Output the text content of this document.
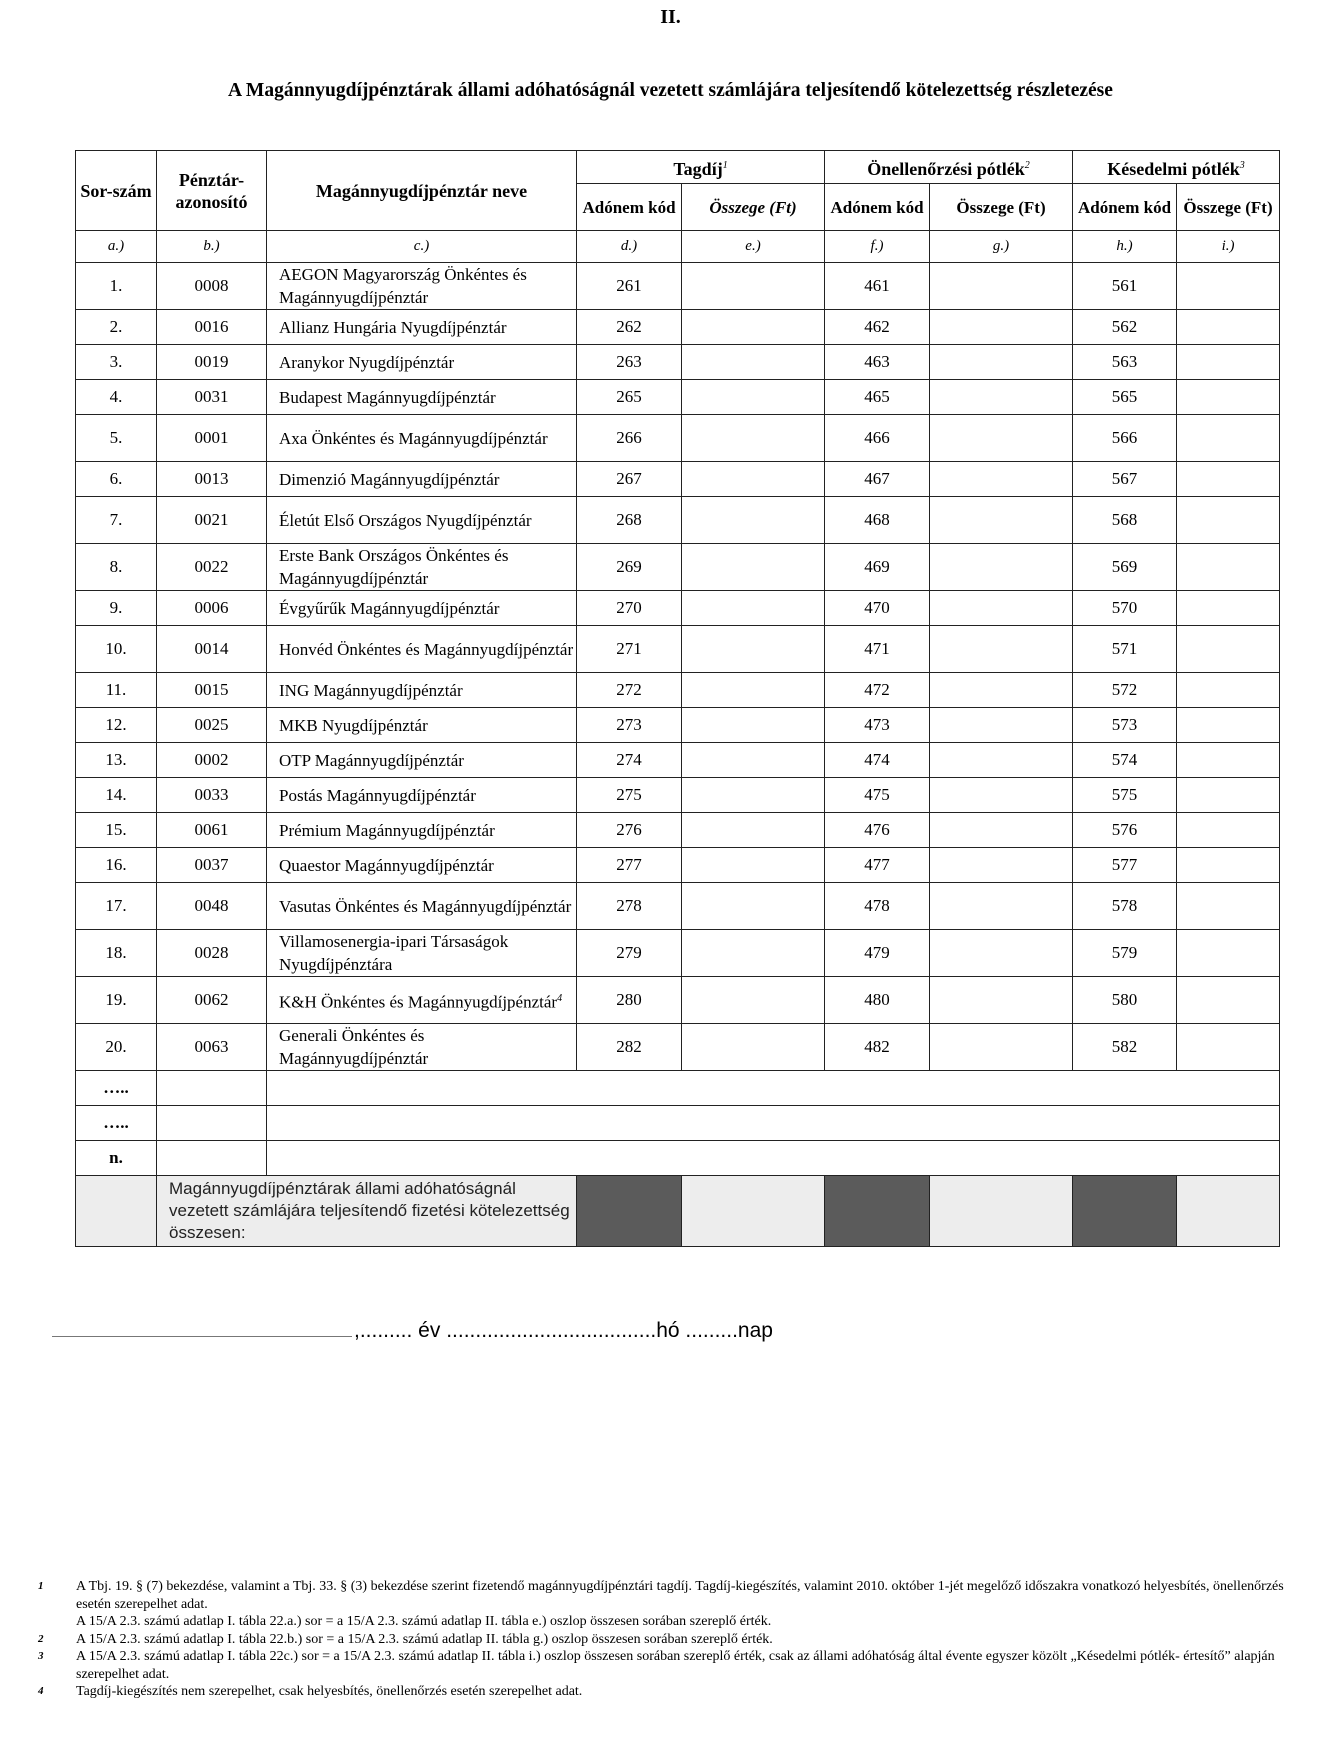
II.
A Magánnyugdíjpénztárak állami adóhatóságnál vezetett számlájára teljesítendő kötelezettség részletezése
Sor-szám	Pénztár-azonosító	Magánnyugdíjpénztár neve	Tagdíj$^1$		Önellenőrzési pótlék$^2$		Késedelmi pótlék$^3$
			Adónem kód	Összege (Ft)	Adónem kód	Összege (Ft)	Adónem kód	Összege (Ft)
a.)	b.)	c.)	d.)	e.)	f.)	g.)	h.)	i.)
1.	0008	AEGON Magyarország Önkéntes és Magánnyugdíjpénztár	261		461		561	
2.	0016	Allianz Hungária Nyugdíjpénztár	262		462		562	
3.	0019	Aranykor Nyugdíjpénztár	263		463		563	
4.	0031	Budapest Magánnyugdíjpénztár	265		465		565	
5.	0001	Axa Önkéntes és Magánnyugdíjpénztár	266		466		566	
6.	0013	Dimenzió Magánnyugdíjpénztár	267		467		567	
7.	0021	Életút Első Országos Nyugdíjpénztár	268		468		568	
8.	0022	Erste Bank Országos Önkéntes és Magánnyugdíjpénztár	269		469		569	
9.	0006	Évgyűrűk Magánnyugdíjpénztár	270		470		570	
10.	0014	Honvéd Önkéntes és Magánnyugdíjpénztár	271		471		571	
11.	0015	ING Magánnyugdíjpénztár	272		472		572	
12.	0025	MKB Nyugdíjpénztár	273		473		573	
13.	0002	OTP Magánnyugdíjpénztár	274		474		574	
14.	0033	Postás Magánnyugdíjpénztár	275		475		575	
15.	0061	Prémium Magánnyugdíjpénztár	276		476		576	
16.	0037	Quaestor Magánnyugdíjpénztár	277		477		577	
17.	0048	Vasutas Önkéntes és Magánnyugdíjpénztár	278		478		578	
18.	0028	Villamosenergia-ipari Társaságok Nyugdíjpénztára	279		479		579	
19.	0062	K&H Önkéntes és Magánnyugdíjpénztár$^4$	280		480		580	
20.	0063	Generali Önkéntes és Magánnyugdíjpénztár	282		482		582	
…..								
…..								
n.								
	Magánnyugdíjpénztárak állami adóhatóságnál vezetett számlájára teljesítendő fizetési kötelezettség összesen:							
,......... év ....................................hó .........nap
1 A Tbj. 19. § (7) bekezdése, valamint a Tbj. 33. § (3) bekezdése szerint fizetendő magánnyugdíjpénztári tagdíj. Tagdíj-kiegészítés, valamint 2010. október 1-jét megelőző időszakra vonatkozó helyesbítés, önellenőrzés esetén szerepelhet adat.
A 15/A 2.3. számú adatlap I. tábla 22.a.) sor = a 15/A 2.3. számú adatlap II. tábla e.) oszlop összesen sorában szereplő érték.
2 A 15/A 2.3. számú adatlap I. tábla 22.b.) sor = a 15/A 2.3. számú adatlap II. tábla g.) oszlop összesen sorában szereplő érték.
3 A 15/A 2.3. számú adatlap I. tábla 22c.) sor = a 15/A 2.3. számú adatlap II. tábla i.) oszlop összesen sorában szereplő érték, csak az állami adóhatóság által évente egyszer közölt „Késedelmi pótlék- értesítő” alapján szerepelhet adat.
4 Tagdíj-kiegészítés nem szerepelhet, csak helyesbítés, önellenőrzés esetén szerepelhet adat.
